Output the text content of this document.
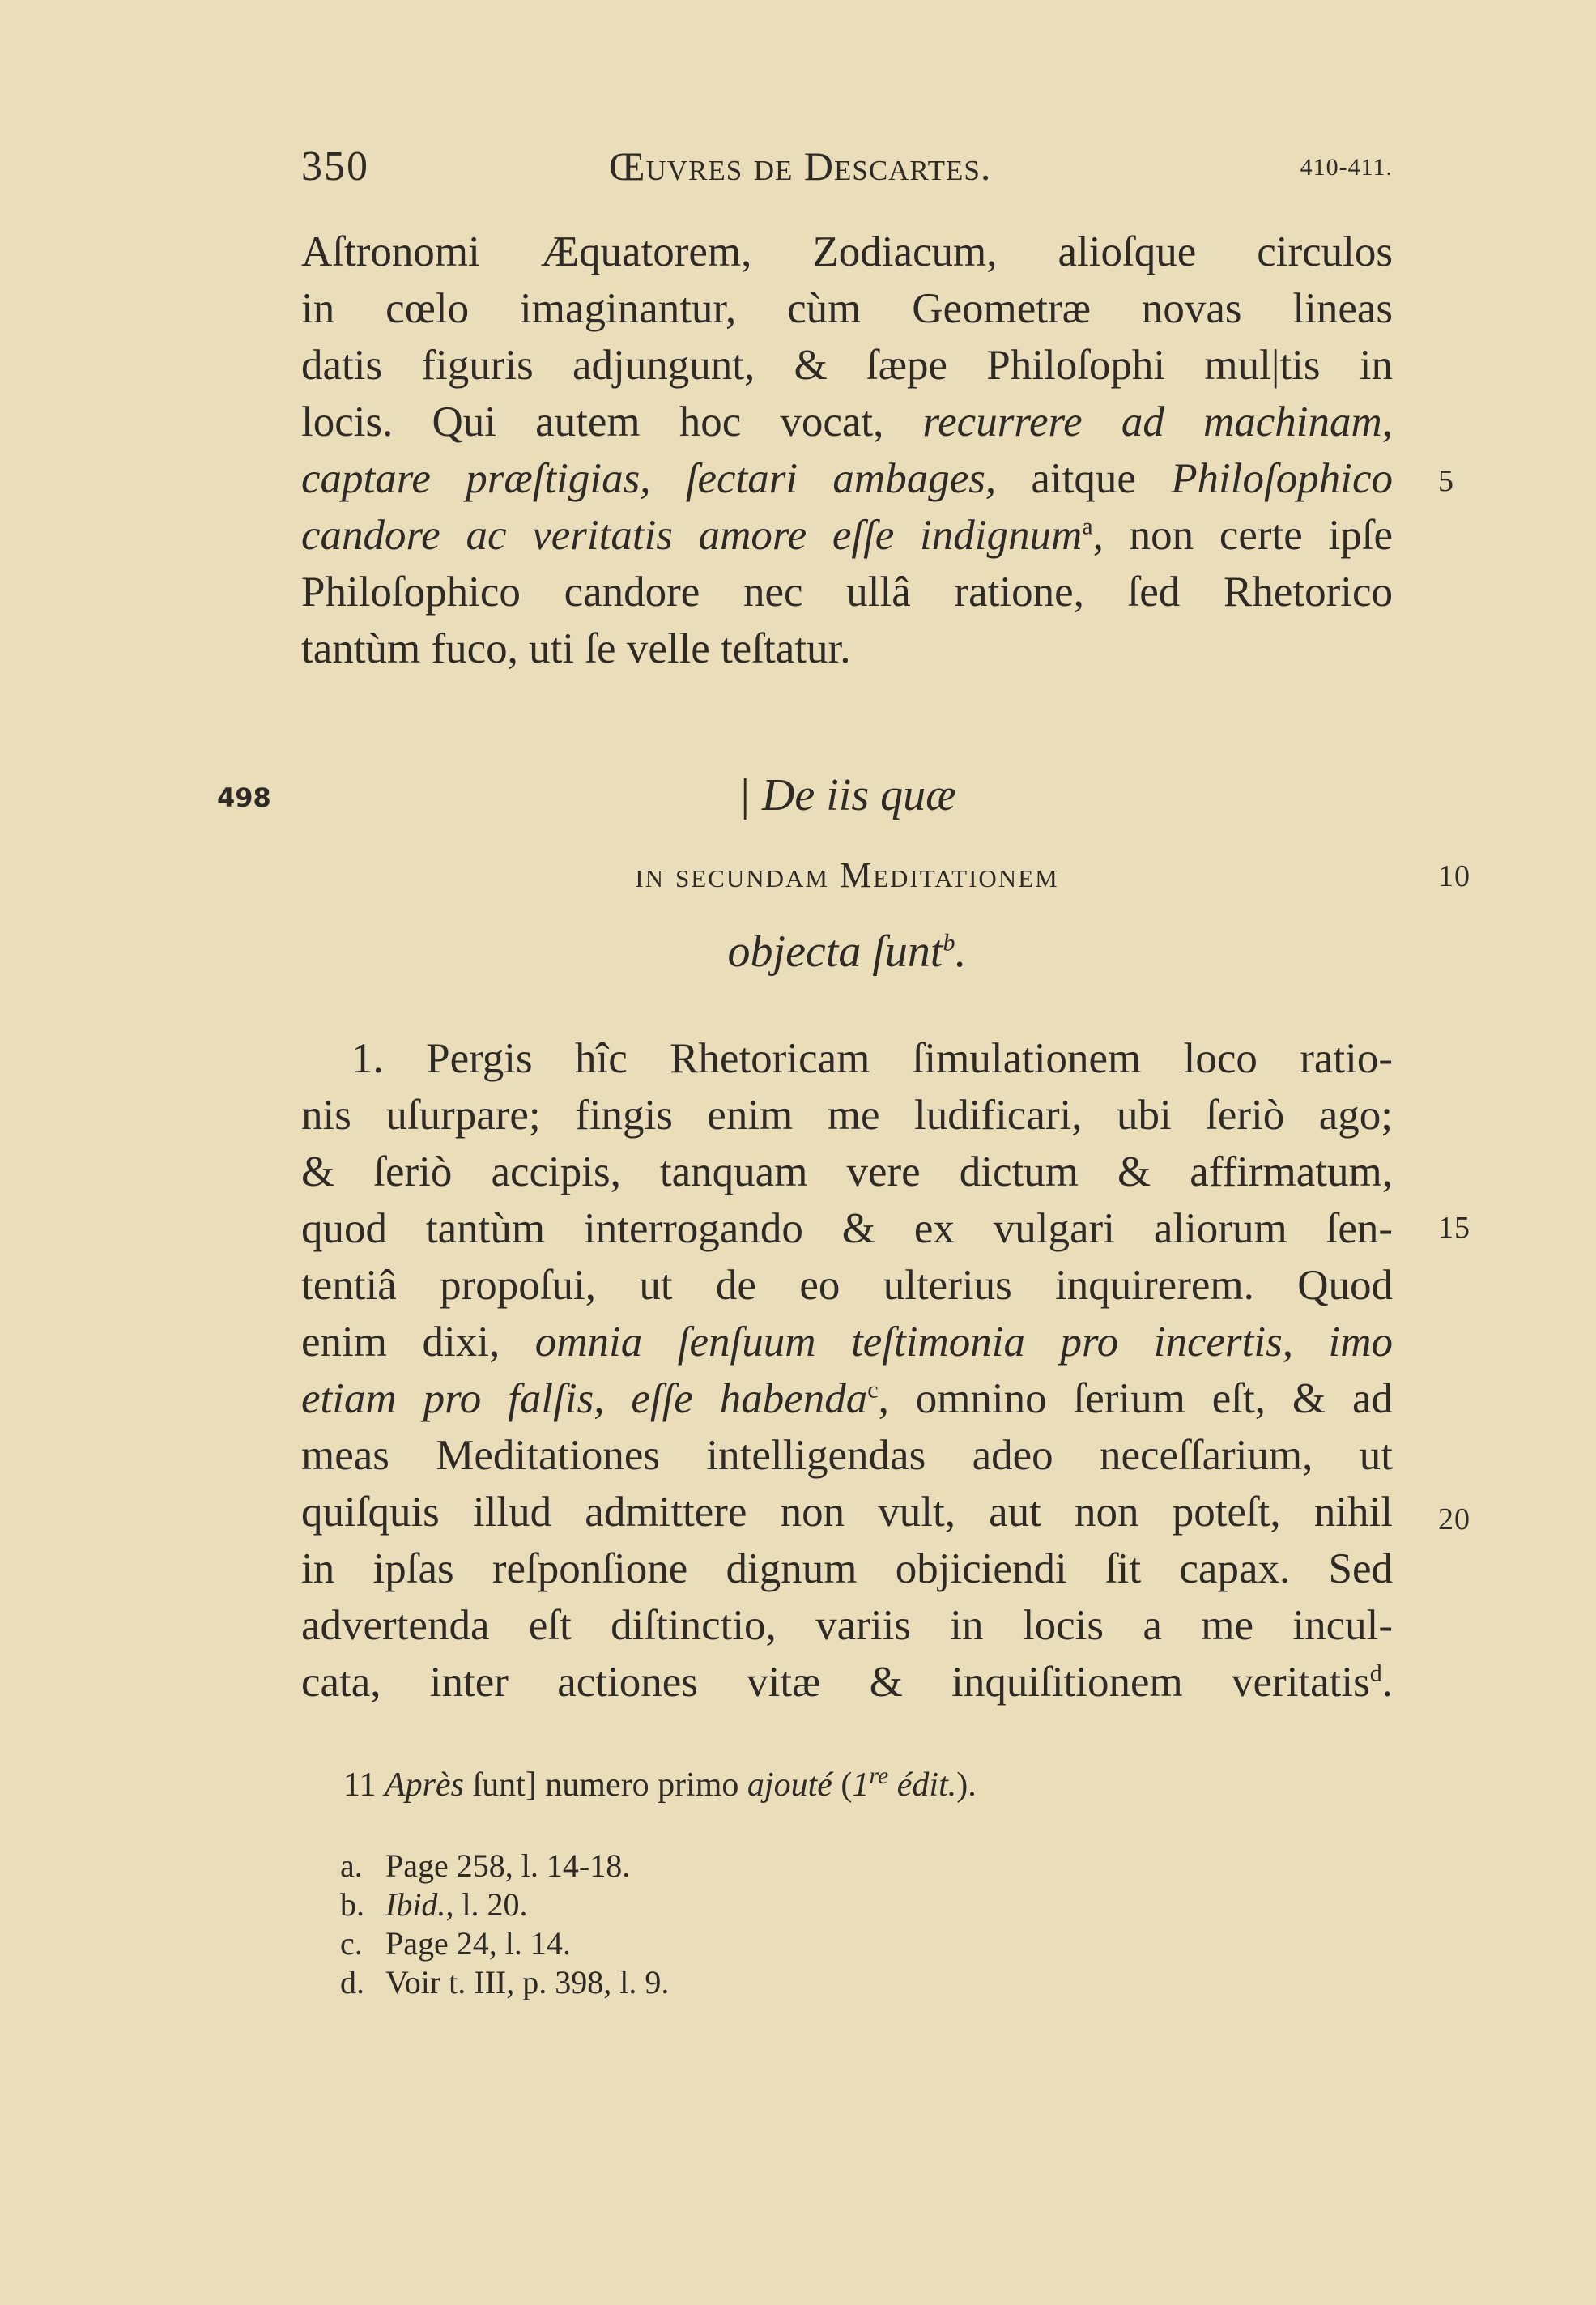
350	Œuvres de Descartes.	410-411.
Aſtronomi Æquatorem, Zodiacum, alioſque circulos
in cœlo imaginantur, cùm Geometræ novas lineas
datis figuris adjungunt, & ſæpe Philoſophi mul|tis in
locis. Qui autem hoc vocat, recurrere ad machinam,
captare præſtigias, ſectari ambages, aitque Philoſophico
candore ac veritatis amore eſſe indignum$^a$, non certe ipſe
Philoſophico candore nec ullâ ratione, ſed Rhetorico
tantùm fuco, uti ſe velle teſtatur.
| De iis quæ
in secundam Meditationem
objecta ſunt$^b$.
1. Pergis hîc Rhetoricam ſimulationem loco ratio-
nis uſurpare; fingis enim me ludificari, ubi ſeriò ago;
& ſeriò accipis, tanquam vere dictum & affirmatum,
quod tantùm interrogando & ex vulgari aliorum ſen-
tentiâ propoſui, ut de eo ulterius inquirerem. Quod
enim dixi, omnia ſenſuum teſtimonia pro incertis, imo
etiam pro falſis, eſſe habenda$^c$, omnino ſerium eſt, & ad
meas Meditationes intelligendas adeo neceſſarium, ut
quiſquis illud admittere non vult, aut non poteſt, nihil
in ipſas reſponſione dignum objiciendi ſit capax. Sed
advertenda eſt diſtinctio, variis in locis a me incul-
cata, inter actiones vitæ & inquiſitionem veritatis$^d$.
498
5
10
15
20
11 Après ſunt] numero primo ajouté (1re édit.).
a. Page 258, l. 14-18.
b. Ibid., l. 20.
c. Page 24, l. 14.
d. Voir t. III, p. 398, l. 9.
